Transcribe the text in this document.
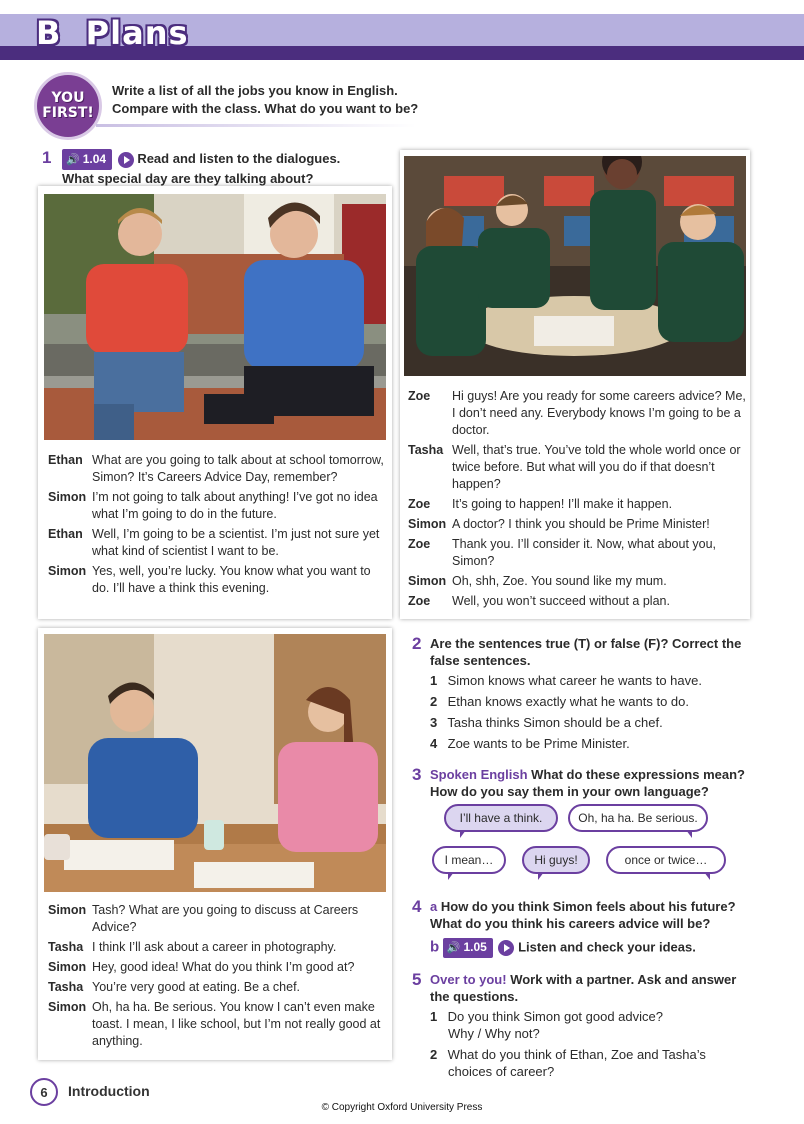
B Plans
YOU
FIRST!
Write a list of all the jobs you know in English.
Compare with the class. What do you want to be?
1	🔊 1.04 Read and listen to the dialogues.
What special day are they talking about?
Ethan What are you going to talk about at school tomorrow, Simon? It’s Careers Advice Day, remember?
Simon I’m not going to talk about anything! I’ve got no idea what I’m going to do in the future.
Ethan Well, I’m going to be a scientist. I’m just not sure yet what kind of scientist I want to be.
Simon Yes, well, you’re lucky. You know what you want to do. I’ll have a think this evening.
Zoe	Hi guys! Are you ready for some careers advice? Me, I don’t need any. Everybody knows I’m going to be a doctor.
Tasha Well, that’s true. You’ve told the whole world once or twice before. But what will you do if that doesn’t happen?
Zoe	It’s going to happen! I’ll make it happen.
Simon A doctor? I think you should be Prime Minister!
Zoe	Thank you. I’ll consider it. Now, what about you, Simon?
Simon Oh, shh, Zoe. You sound like my mum.
Zoe	Well, you won’t succeed without a plan.
Simon Tash? What are you going to discuss at Careers Advice?
Tasha I think I’ll ask about a career in photography.
Simon Hey, good idea! What do you think I’m good at?
Tasha You’re very good at eating. Be a chef.
Simon Oh, ha ha. Be serious. You know I can’t even make toast. I mean, I like school, but I’m not really good at anything.
2 Are the sentences true (T) or false (F)? Correct the
false sentences.
1 Simon knows what career he wants to have.
2 Ethan knows exactly what he wants to do.
3 Tasha thinks Simon should be a chef.
4 Zoe wants to be Prime Minister.
3 Spoken English What do these expressions mean?
How do you say them in your own language?
I’ll have a think.	Oh, ha ha. Be serious.
I mean…	Hi guys!	once or twice…
4 a How do you think Simon feels about his future?
What do you think his careers advice will be?
b 🔊 1.05 Listen and check your ideas.
5 Over to you! Work with a partner. Ask and answer
the questions.
1 Do you think Simon got good advice?
Why / Why not?
2 What do you think of Ethan, Zoe and Tasha’s
choices of career?
6	Introduction
© Copyright Oxford University Press
